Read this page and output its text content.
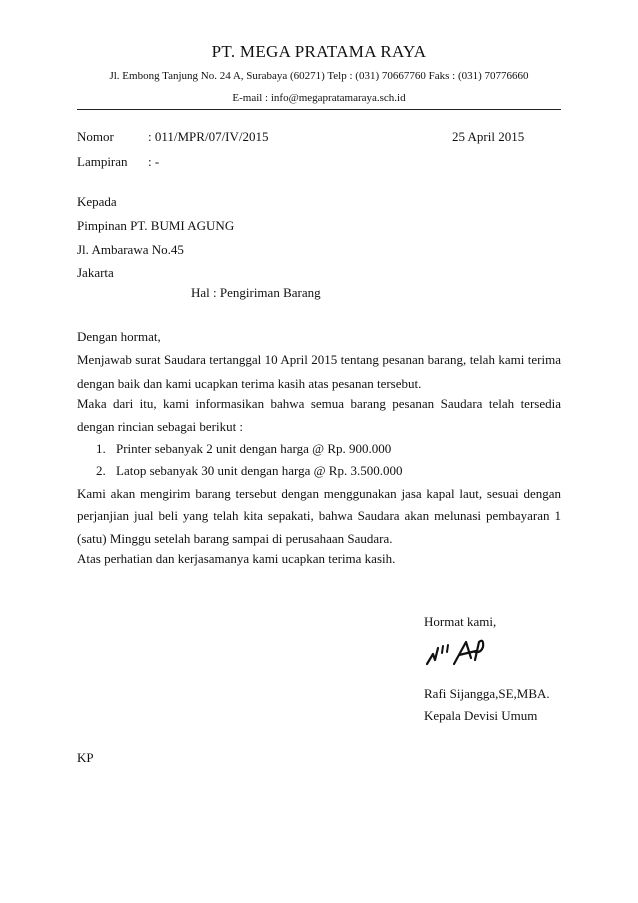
PT. MEGA PRATAMA RAYA
Jl. Embong Tanjung No. 24 A, Surabaya (60271) Telp : (031) 70667760 Faks : (031) 70776660
E-mail : info@megapratamaraya.sch.id
Nomor	: 011/MPR/07/IV/2015	25 April 2015
Lampiran : -
Kepada
Pimpinan PT. BUMI AGUNG
Jl. Ambarawa No.45
Jakarta
Hal : Pengiriman Barang
Dengan hormat,
Menjawab surat Saudara tertanggal 10 April 2015 tentang pesanan barang, telah kami terima
dengan baik dan kami ucapkan terima kasih atas pesanan tersebut.
Maka dari itu, kami informasikan bahwa semua barang pesanan Saudara telah tersedia
dengan rincian sebagai berikut :
1. Printer sebanyak 2 unit dengan harga @ Rp. 900.000
2. Latop sebanyak 30 unit dengan harga @ Rp. 3.500.000
Kami akan mengirim barang tersebut dengan menggunakan jasa kapal laut, sesuai dengan
perjanjian jual beli yang telah kita sepakati, bahwa Saudara akan melunasi pembayaran 1
(satu) Minggu setelah barang sampai di perusahaan Saudara.
Atas perhatian dan kerjasamanya kami ucapkan terima kasih.
Hormat kami,
Rafi Sijangga,SE,MBA.
Kepala Devisi Umum
KP
